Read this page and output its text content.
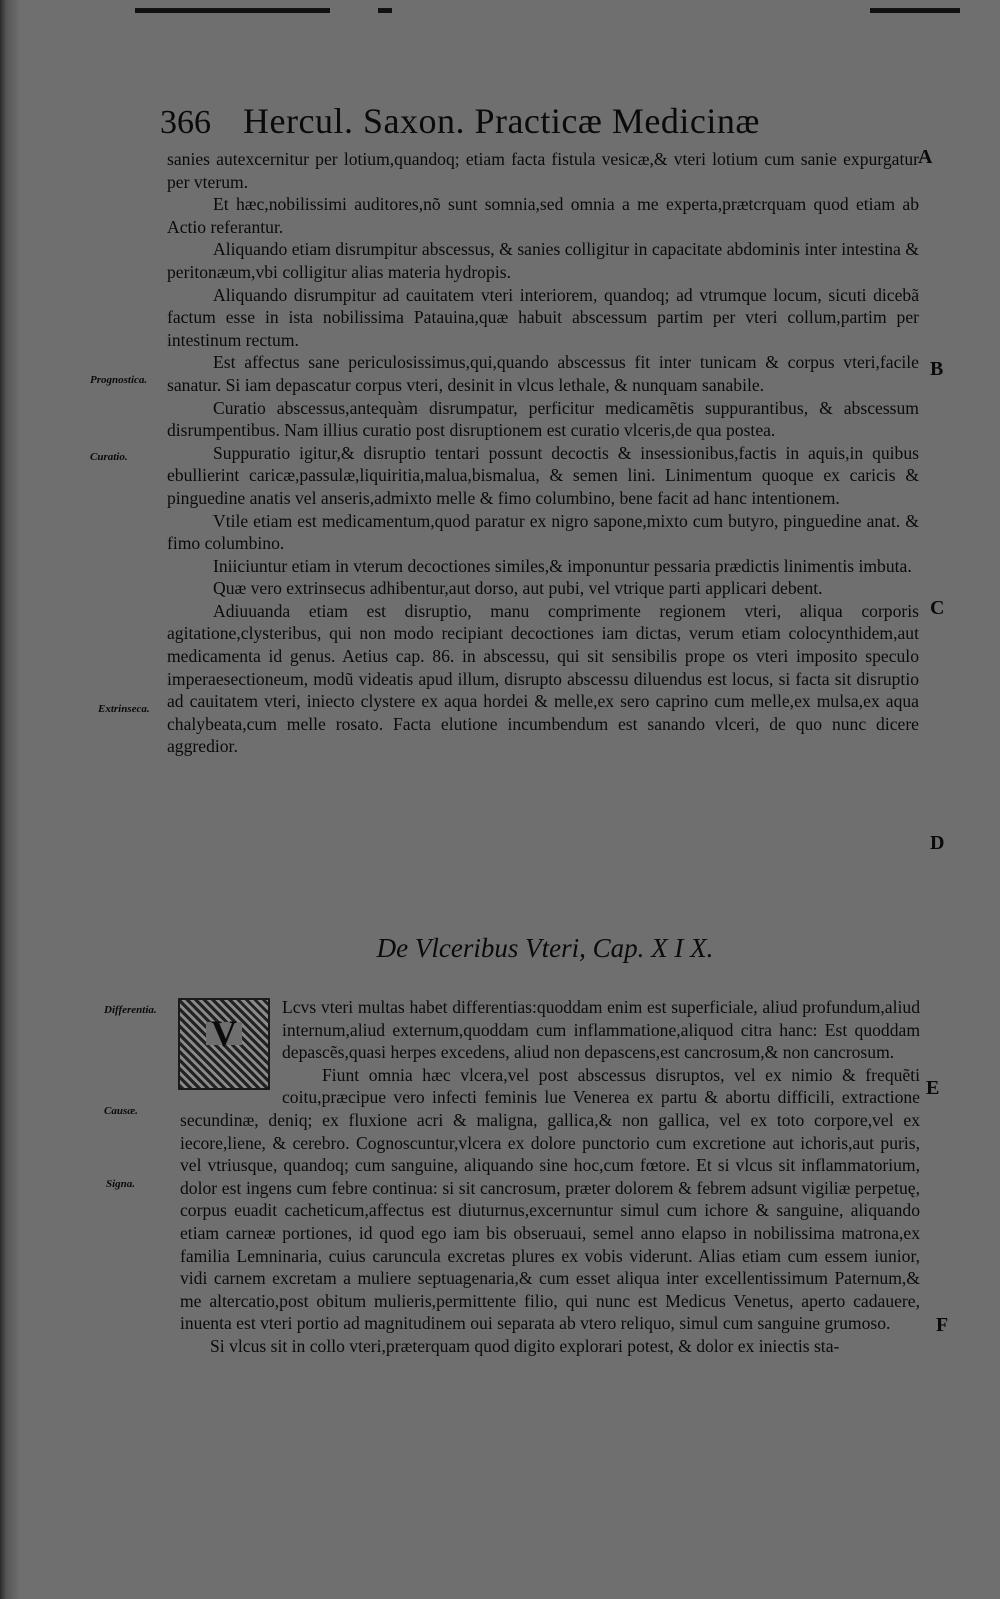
366 Hercul. Saxon. Practicæ Medicinæ
A
B
C
D
E
F
Prognostica.
Curatio.
Extrinseca.
Differentia.
Causæ.
Signa.

sanies autexcernitur per lotium,quandoq; etiam facta fistula vesicæ,& vteri lotium cum sanie expurgatur per vterum.

Et hæc,nobilissimi auditores,nõ sunt somnia,sed omnia a me experta,prætcrquam quod etiam ab Actio referantur.

Aliquando etiam disrumpitur abscessus, & sanies colligitur in capacitate abdominis inter intestina & peritonæum,vbi colligitur alias materia hydropis.

Aliquando disrumpitur ad cauitatem vteri interiorem, quandoq; ad vtrumque locum, sicuti dicebã factum esse in ista nobilissima Patauina,quæ habuit abscessum partim per vteri collum,partim per intestinum rectum.

Est affectus sane periculosissimus,qui,quando abscessus fit inter tunicam & corpus vteri,facile sanatur. Si iam depascatur corpus vteri, desinit in vlcus lethale, & nunquam sanabile.

Curatio abscessus,antequàm disrumpatur, perficitur medicamẽtis suppurantibus, & abscessum disrumpentibus. Nam illius curatio post disruptionem est curatio vlceris,de qua postea.

Suppuratio igitur,& disruptio tentari possunt decoctis & insessionibus,factis in aquis,in quibus ebullierint caricæ,passulæ,liquiritia,malua,bismalua, & semen lini. Linimentum quoque ex caricis & pinguedine anatis vel anseris,admixto melle & fimo columbino, bene facit ad hanc intentionem.

Vtile etiam est medicamentum,quod paratur ex nigro sapone,mixto cum butyro, pinguedine anat. & fimo columbino.

Iniiciuntur etiam in vterum decoctiones similes,& imponuntur pessaria prædictis linimentis imbuta.

Quæ vero extrinsecus adhibentur,aut dorso, aut pubi, vel vtrique parti applicari debent.

Adiuuanda etiam est disruptio, manu comprimente regionem vteri, aliqua corporis agitatione,clysteribus, qui non modo recipiant decoctiones iam dictas, verum etiam colocynthidem,aut medicamenta id genus. Aetius cap. 86. in abscessu, qui sit sensibilis prope os vteri imposito speculo imperaesectioneum, modũ videatis apud illum, disrupto abscessu diluendus est locus, si facta sit disruptio ad cauitatem vteri, iniecto clystere ex aqua hordei & melle,ex sero caprino cum melle,ex mulsa,ex aqua chalybeata,cum melle rosato. Facta elutione incumbendum est sanando vlceri, de quo nunc dicere aggredior.

De Vlceribus Vteri, Cap. X I X.
V

Lcvs vteri multas habet differentias:quoddam enim est superficiale, aliud profundum,aliud internum,aliud externum,quoddam cum inflammatione,aliquod citra hanc: Est quoddam depascẽs,quasi herpes excedens, aliud non depascens,est cancrosum,& non cancrosum.

Fiunt omnia hæc vlcera,vel post abscessus disruptos, vel ex nimio & frequẽti coitu,præcipue vero infecti feminis lue Venerea ex partu & abortu difficili, extractione secundinæ, deniq; ex fluxione acri & maligna, gallica,& non gallica, vel ex toto corpore,vel ex iecore,liene, & cerebro. Cognoscuntur,vlcera ex dolore punctorio cum excretione aut ichoris,aut puris, vel vtriusque, quandoq; cum sanguine, aliquando sine hoc,cum fœtore. Et si vlcus sit inflammatorium, dolor est ingens cum febre continua: si sit cancrosum, præter dolorem & febrem adsunt vigiliæ perpetuę, corpus euadit cacheticum,affectus est diuturnus,excernuntur simul cum ichore & sanguine, aliquando etiam carneæ portiones, id quod ego iam bis obseruaui, semel anno elapso in nobilissima matrona,ex familia Lemninaria, cuius caruncula excretas plures ex vobis viderunt. Alias etiam cum essem iunior, vidi carnem excretam a muliere septuagenaria,& cum esset aliqua inter excellentissimum Paternum,& me altercatio,post obitum mulieris,permittente filio, qui nunc est Medicus Venetus, aperto cadauere, inuenta est vteri portio ad magnitudinem oui separata ab vtero reliquo, simul cum sanguine grumoso.

Si vlcus sit in collo vteri,præterquam quod digito explorari potest, & dolor ex iniectis sta-
